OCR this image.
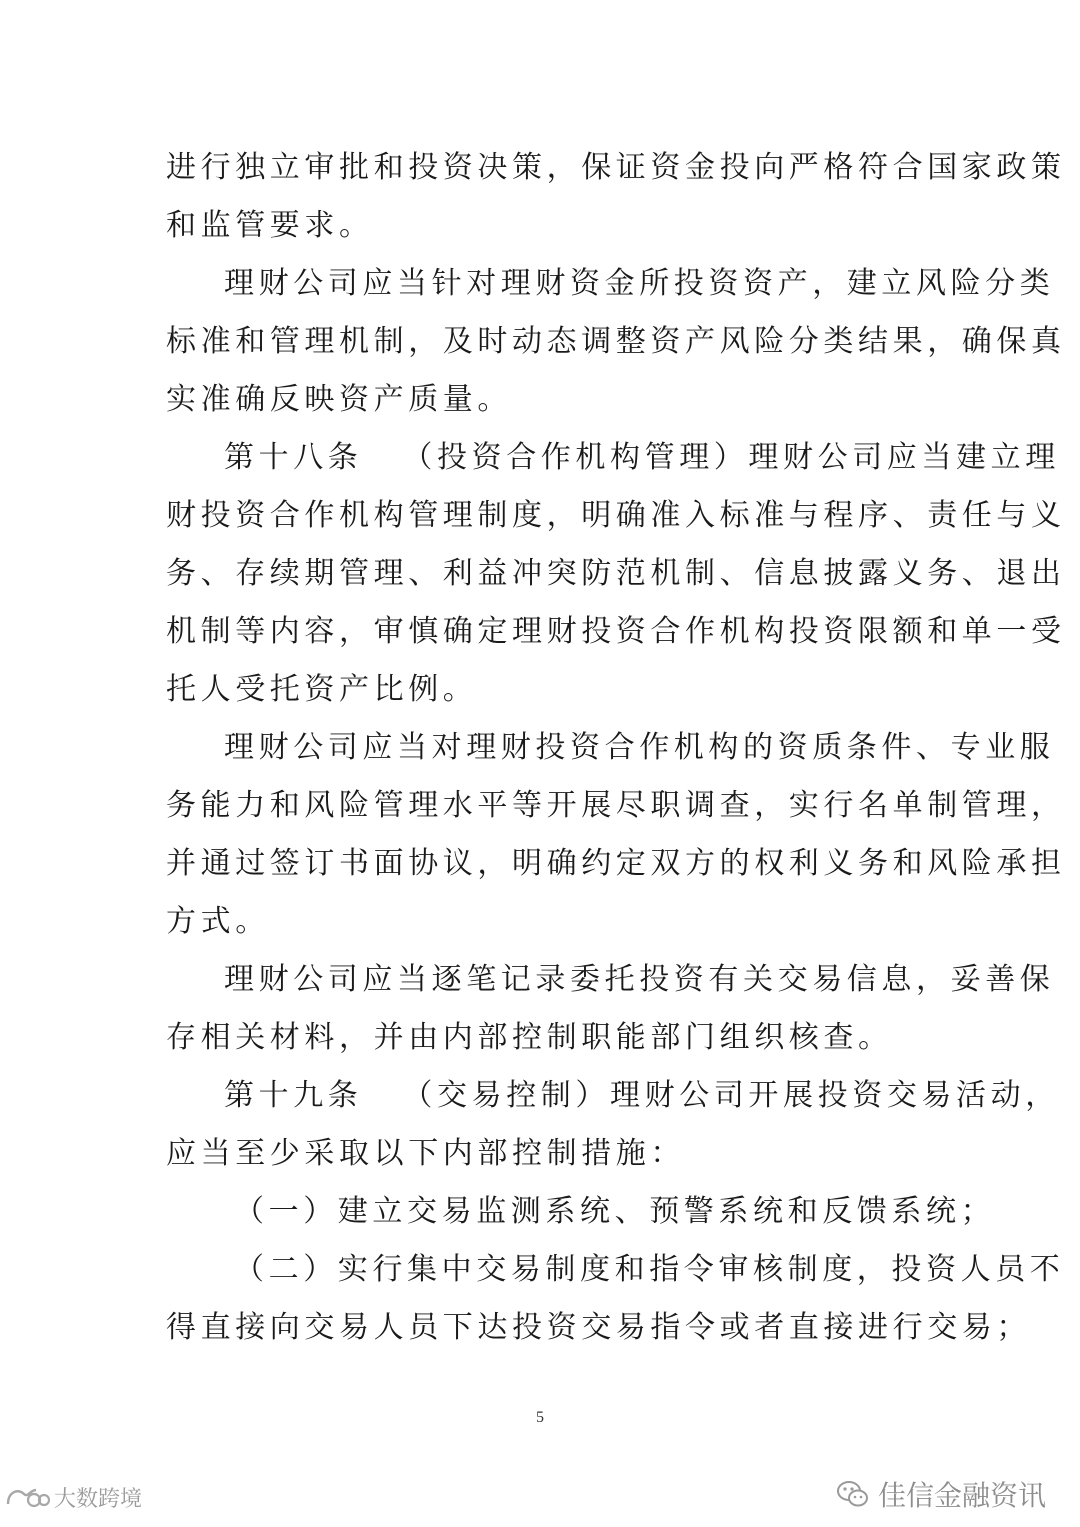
进行独立审批和投资决策，保证资金投向严格符合国家政策
和监管要求。
理财公司应当针对理财资金所投资资产，建立风险分类
标准和管理机制，及时动态调整资产风险分类结果，确保真
实准确反映资产质量。
第十八条 （投资合作机构管理）理财公司应当建立理
财投资合作机构管理制度，明确准入标准与程序、责任与义
务、存续期管理、利益冲突防范机制、信息披露义务、退出
机制等内容，审慎确定理财投资合作机构投资限额和单一受
托人受托资产比例。
理财公司应当对理财投资合作机构的资质条件、专业服
务能力和风险管理水平等开展尽职调查，实行名单制管理，
并通过签订书面协议，明确约定双方的权利义务和风险承担
方式。
理财公司应当逐笔记录委托投资有关交易信息，妥善保
存相关材料，并由内部控制职能部门组织核查。
第十九条 （交易控制）理财公司开展投资交易活动，
应当至少采取以下内部控制措施：
（一）建立交易监测系统、预警系统和反馈系统；
（二）实行集中交易制度和指令审核制度，投资人员不
得直接向交易人员下达投资交易指令或者直接进行交易；
5
大数跨境	佳信金融资讯
